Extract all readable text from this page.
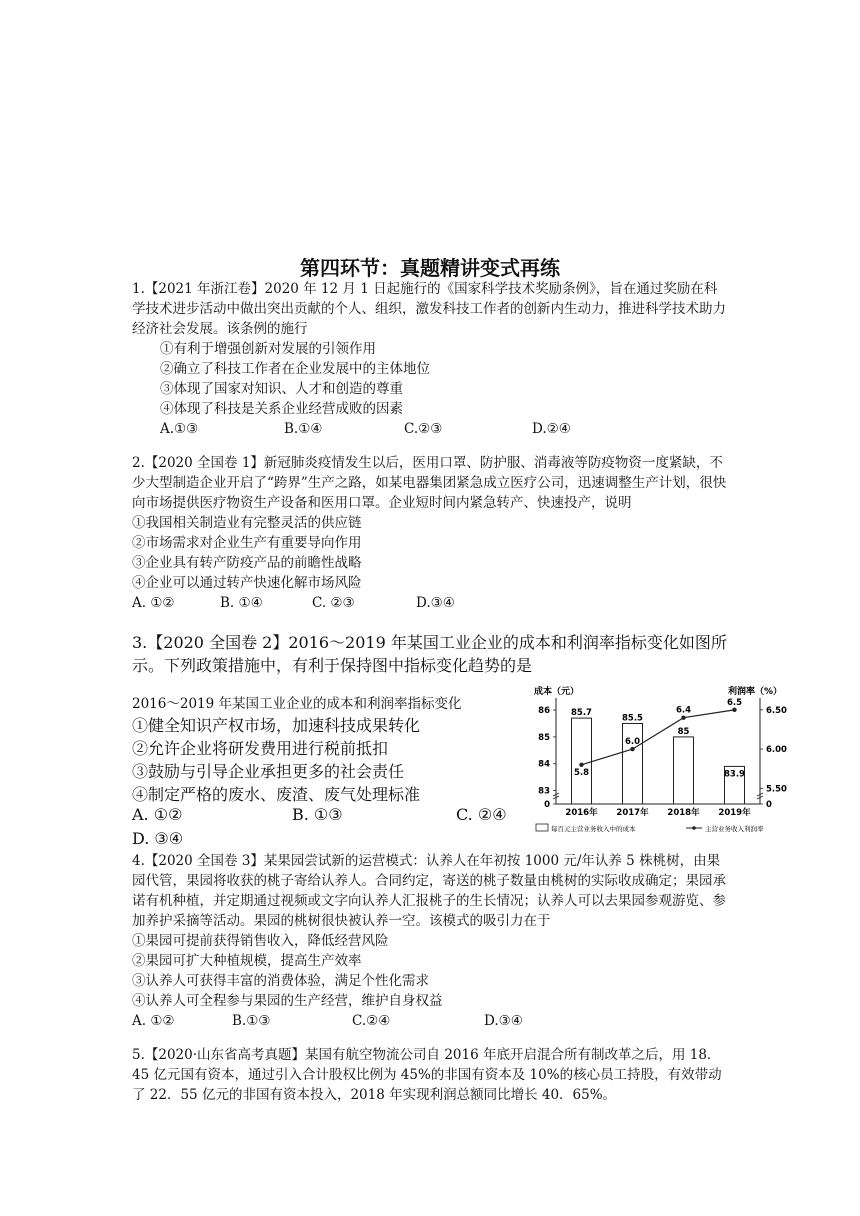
第四环节：真题精讲变式再练

1.【2021 年浙江卷】2020 年 12 月 1 日起施行的《国家科学技术奖励条例》，旨在通过奖励在科学技术进步活动中做出突出贡献的个人、组织，激发科技工作者的创新内生动力，推进科学技术助力经济社会发展。该条例的施行

①有利于增强创新对发展的引领作用

②确立了科技工作者在企业发展中的主体地位

③体现了国家对知识、人才和创造的尊重

④体现了科技是关系企业经营成败的因素

A.①③	B.①④	C.②③	D.②④

2.【2020 全国卷 1】新冠肺炎疫情发生以后，医用口罩、防护服、消毒液等防疫物资一度紧缺，不少大型制造企业开启了“跨界”生产之路，如某电器集团紧急成立医疗公司，迅速调整生产计划，很快向市场提供医疗物资生产设备和医用口罩。企业短时间内紧急转产、快速投产，说明

①我国相关制造业有完整灵活的供应链

②市场需求对企业生产有重要导向作用

③企业具有转产防疫产品的前瞻性战略

④企业可以通过转产快速化解市场风险

A. ①②	B. ①④	C. ②③	D.③④
3.【2020 全国卷 2】2016～2019 年某国工业企业的成本和利润率指标变化如图所示。下列政策措施中，有利于保持图中指标变化趋势的是
2016～2019 年某国工业企业的成本和利润率指标变化
①健全知识产权市场，加速科技成果转化
②允许企业将研发费用进行税前抵扣
③鼓励与引导企业承担更多的社会责任
④制定严格的废水、废渣、废气处理标准
A. ①②	B. ①③	C. ②④
D. ③④
成本（元）	利润率（%）
86
85
84
83
0
6.50
6.00
5.50
0
2016年
85.7
2017年
85.5
2018年
85
2019年
83.9
5.8
6.0
6.4
6.5
每百元主营业务收入中的成本	主营业务收入利润率

4.【2020 全国卷 3】某果园尝试新的运营模式：认养人在年初按 1000 元/年认养 5 株桃树，由果园代管，果园将收获的桃子寄给认养人。合同约定，寄送的桃子数量由桃树的实际收成确定；果园承诺有机种植，并定期通过视频或文字向认养人汇报桃子的生长情况；认养人可以去果园参观游览、参加养护采摘等活动。果园的桃树很快被认养一空。该模式的吸引力在于

①果园可提前获得销售收入，降低经营风险

②果园可扩大种植规模，提高生产效率

③认养人可获得丰富的消费体验，满足个性化需求

④认养人可全程参与果园的生产经营，维护自身权益

A. ①②	B.①③	C.②④	D.③④

5.【2020·山东省高考真题】某国有航空物流公司自 2016 年底开启混合所有制改革之后，用 18．45 亿元国有资本，通过引入合计股权比例为 45%的非国有资本及 10%的核心员工持股，有效带动了 22．55 亿元的非国有资本投入，2018 年实现利润总额同比增长 40．65%。
